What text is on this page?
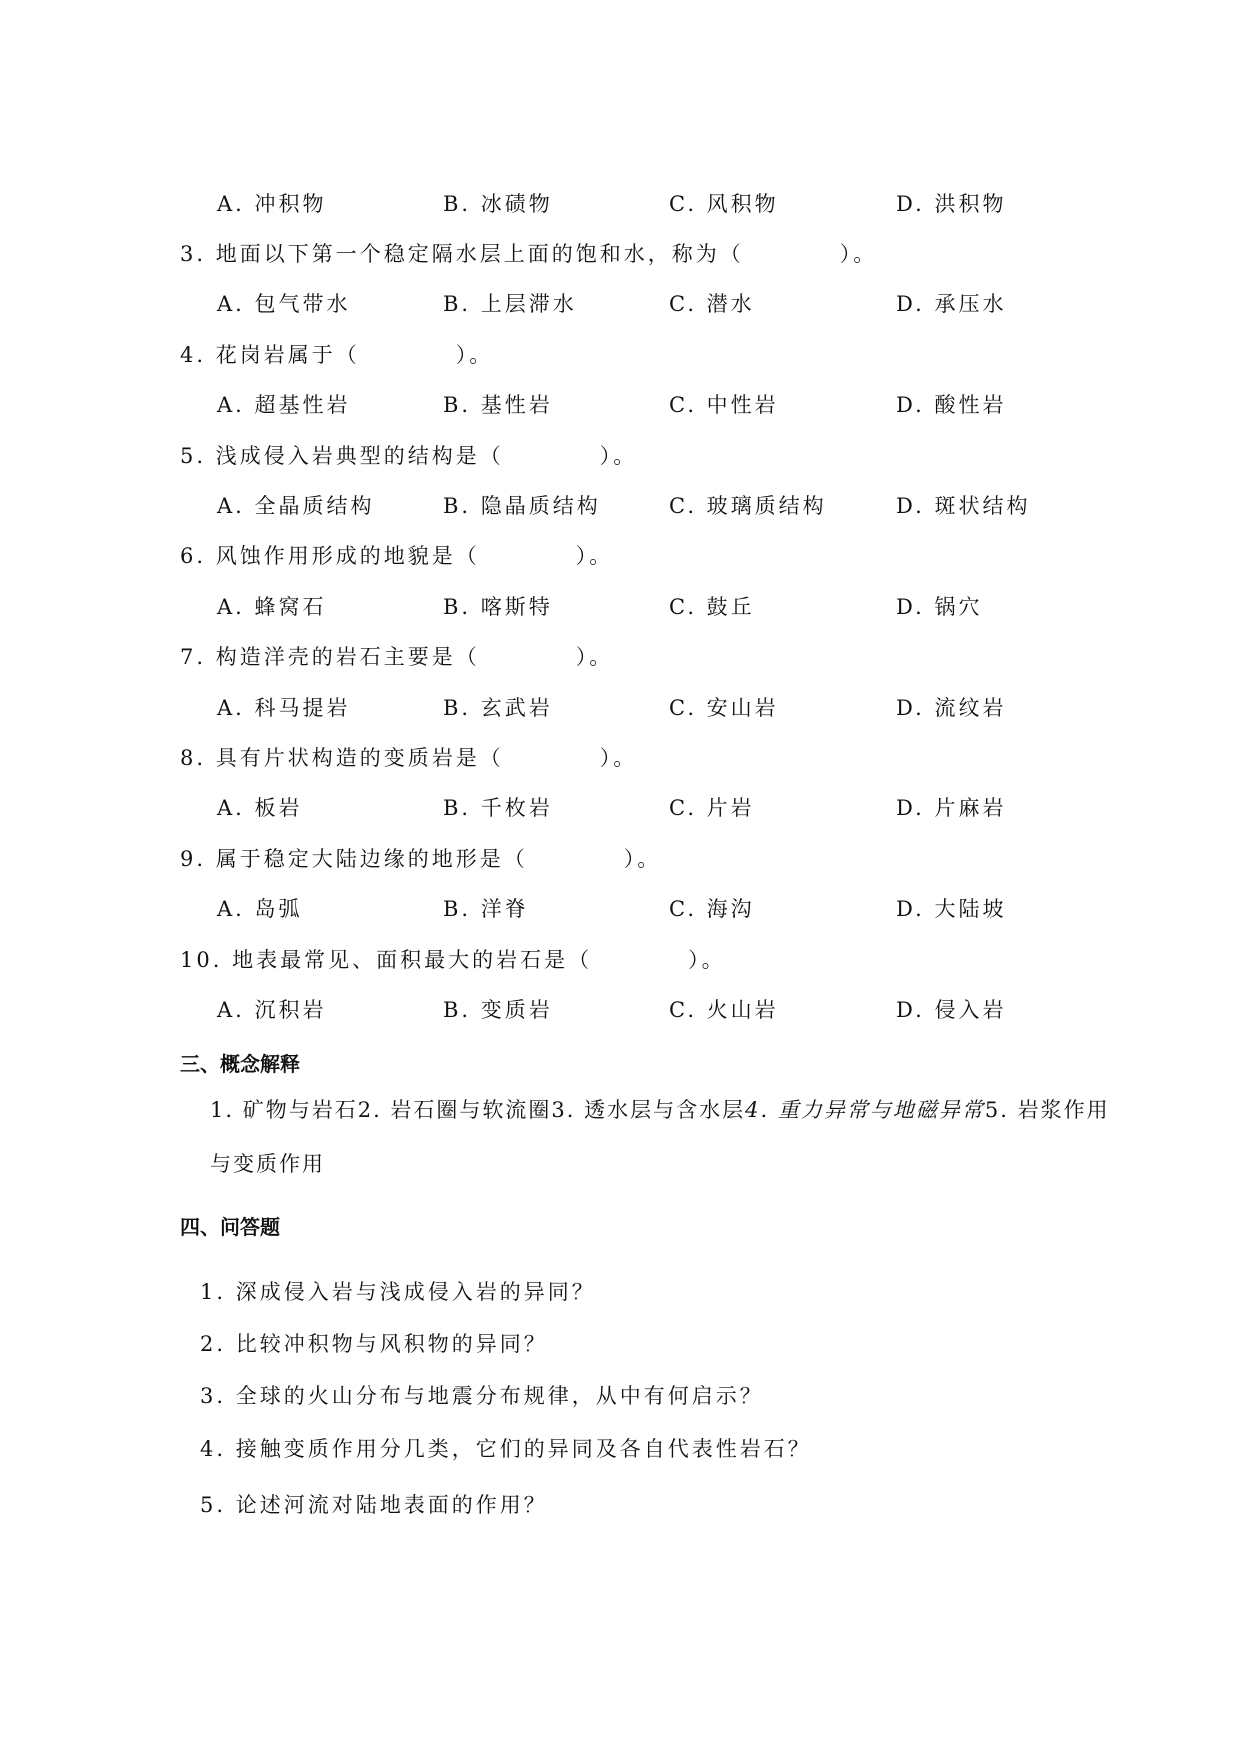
A. 冲积物	B. 冰碛物	C. 风积物	D. 洪积物
3. 地面以下第一个稳定隔水层上面的饱和水，称为（　　　　）。
A. 包气带水	B. 上层滞水	C. 潜水	D. 承压水
4. 花岗岩属于（　　　　）。
A. 超基性岩	B. 基性岩	C. 中性岩	D. 酸性岩
5. 浅成侵入岩典型的结构是（　　　　）。
A. 全晶质结构	B. 隐晶质结构	C. 玻璃质结构	D. 斑状结构
6. 风蚀作用形成的地貌是（　　　　）。
A. 蜂窝石	B. 喀斯特	C. 鼓丘	D. 锅穴
7. 构造洋壳的岩石主要是（　　　　）。
A. 科马提岩	B. 玄武岩	C. 安山岩	D. 流纹岩
8. 具有片状构造的变质岩是（　　　　）。
A. 板岩	B. 千枚岩	C. 片岩	D. 片麻岩
9. 属于稳定大陆边缘的地形是（　　　　）。
A. 岛弧	B. 洋脊	C. 海沟	D. 大陆坡
10. 地表最常见、面积最大的岩石是（　　　　）。
A. 沉积岩	B. 变质岩	C. 火山岩	D. 侵入岩
三、概念解释
1. 矿物与岩石2. 岩石圈与软流圈3. 透水层与含水层4. 重力异常与地磁异常5. 岩浆作用
与变质作用
四、问答题
1. 深成侵入岩与浅成侵入岩的异同？
2. 比较冲积物与风积物的异同？
3. 全球的火山分布与地震分布规律，从中有何启示？
4. 接触变质作用分几类，它们的异同及各自代表性岩石？
5. 论述河流对陆地表面的作用？
